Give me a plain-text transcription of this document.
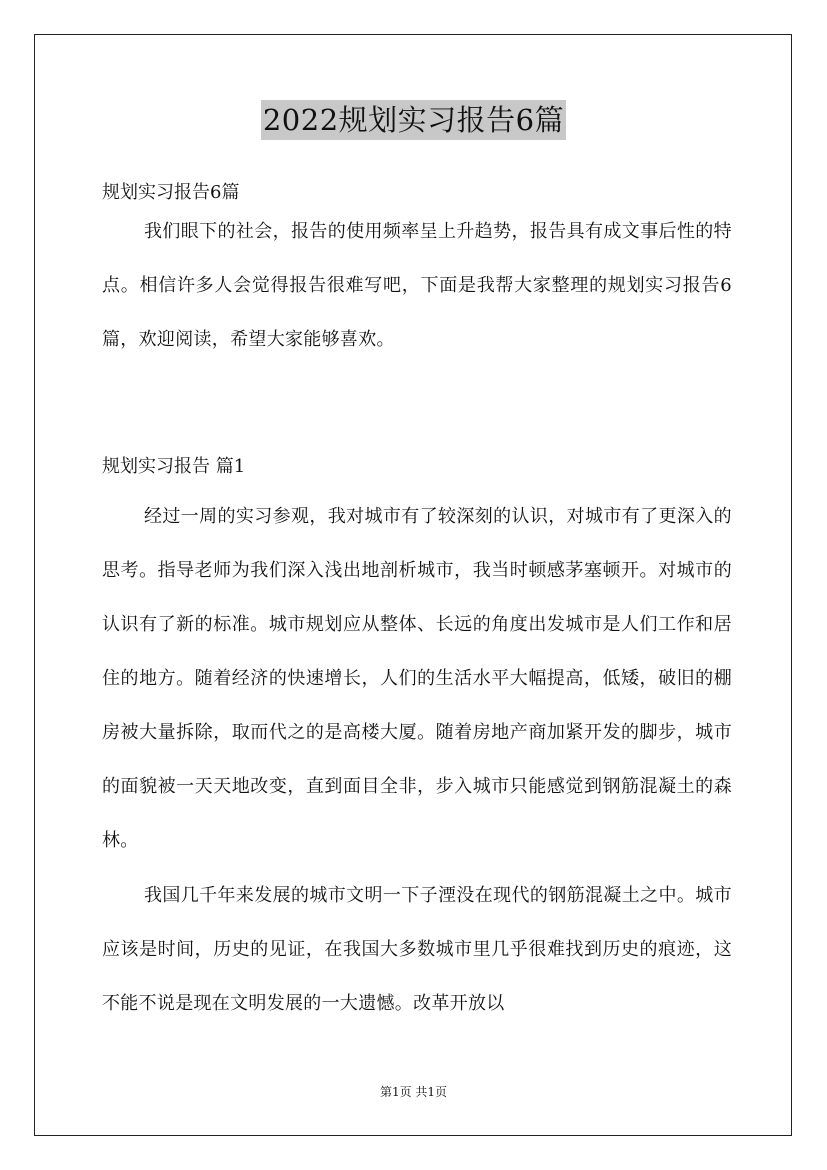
2022规划实习报告6篇

规划实习报告6篇

我们眼下的社会，报告的使用频率呈上升趋势，报告具有成文事后性的特点。相信许多人会觉得报告很难写吧，下面是我帮大家整理的规划实习报告6篇，欢迎阅读，希望大家能够喜欢。

规划实习报告 篇1

经过一周的实习参观，我对城市有了较深刻的认识，对城市有了更深入的思考。指导老师为我们深入浅出地剖析城市，我当时顿感茅塞顿开。对城市的认识有了新的标准。城市规划应从整体、长远的角度出发城市是人们工作和居住的地方。随着经济的快速增长，人们的生活水平大幅提高，低矮，破旧的棚房被大量拆除，取而代之的是高楼大厦。随着房地产商加紧开发的脚步，城市的面貌被一天天地改变，直到面目全非，步入城市只能感觉到钢筋混凝土的森林。

我国几千年来发展的城市文明一下子湮没在现代的钢筋混凝土之中。城市应该是时间，历史的见证，在我国大多数城市里几乎很难找到历史的痕迹，这不能不说是现在文明发展的一大遗憾。改革开放以

第1页 共1页
